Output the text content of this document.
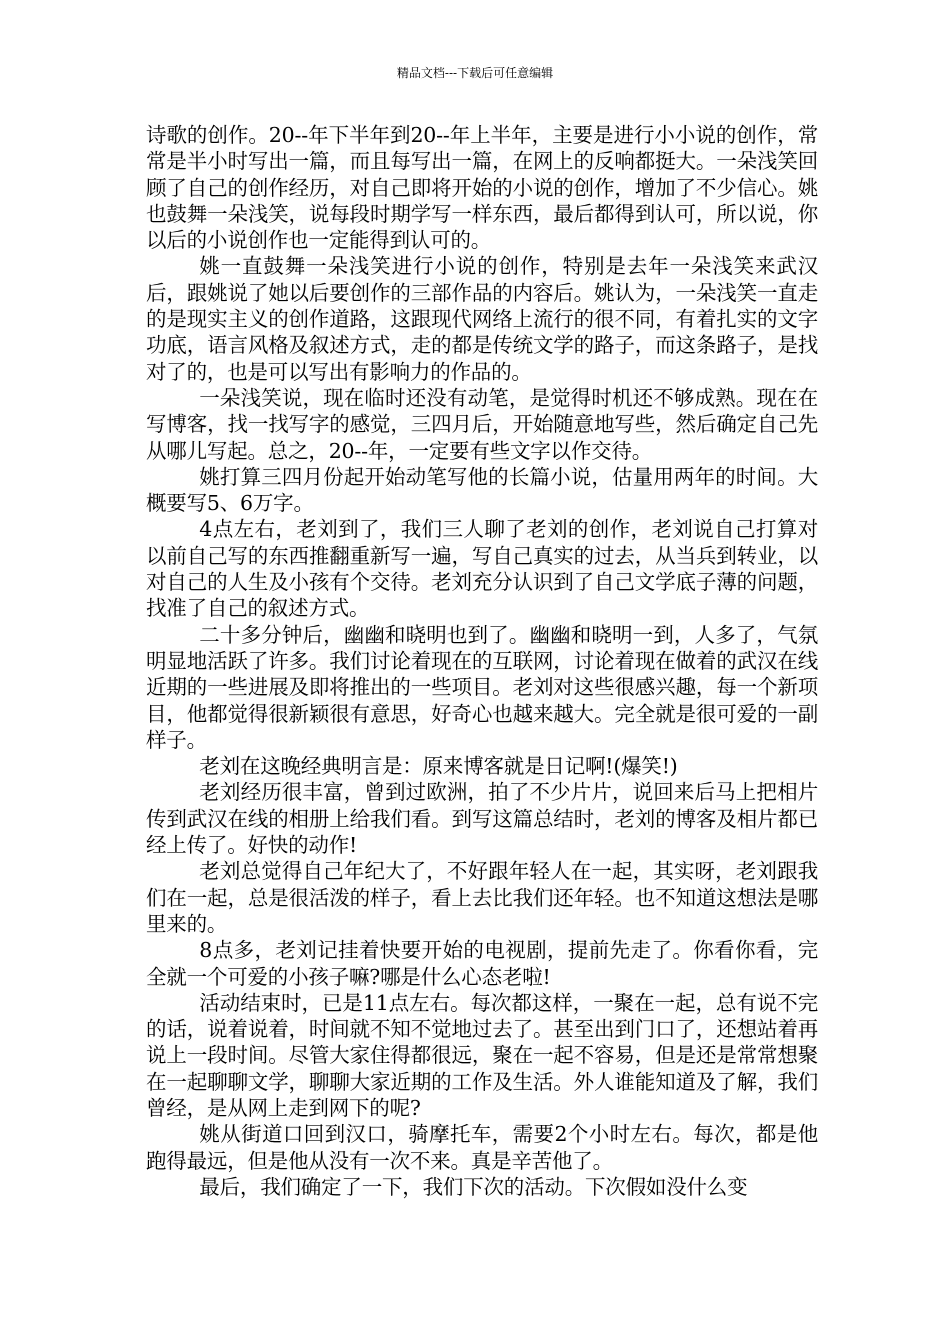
精品文档---下载后可任意编辑

诗歌的创作。20--年下半年到20--年上半年，主要是进行小小说的创作，常常是半小时写出一篇，而且每写出一篇，在网上的反响都挺大。一朵浅笑回顾了自己的创作经历，对自己即将开始的小说的创作，增加了不少信心。姚也鼓舞一朵浅笑，说每段时期学写一样东西，最后都得到认可，所以说，你以后的小说创作也一定能得到认可的。

姚一直鼓舞一朵浅笑进行小说的创作，特别是去年一朵浅笑来武汉后，跟姚说了她以后要创作的三部作品的内容后。姚认为，一朵浅笑一直走的是现实主义的创作道路，这跟现代网络上流行的很不同，有着扎实的文字功底，语言风格及叙述方式，走的都是传统文学的路子，而这条路子，是找对了的，也是可以写出有影响力的作品的。

一朵浅笑说，现在临时还没有动笔，是觉得时机还不够成熟。现在在写博客，找一找写字的感觉，三四月后，开始随意地写些，然后确定自己先从哪儿写起。总之，20--年，一定要有些文字以作交待。

姚打算三四月份起开始动笔写他的长篇小说，估量用两年的时间。大概要写5、6万字。

4点左右，老刘到了，我们三人聊了老刘的创作，老刘说自己打算对以前自己写的东西推翻重新写一遍，写自己真实的过去，从当兵到转业，以对自己的人生及小孩有个交待。老刘充分认识到了自己文学底子薄的问题，找准了自己的叙述方式。

二十多分钟后，幽幽和晓明也到了。幽幽和晓明一到，人多了，气氛明显地活跃了许多。我们讨论着现在的互联网，讨论着现在做着的武汉在线近期的一些进展及即将推出的一些项目。老刘对这些很感兴趣，每一个新项目，他都觉得很新颖很有意思，好奇心也越来越大。完全就是很可爱的一副样子。

老刘在这晚经典明言是：原来博客就是日记啊!(爆笑!)

老刘经历很丰富，曾到过欧洲，拍了不少片片，说回来后马上把相片传到武汉在线的相册上给我们看。到写这篇总结时，老刘的博客及相片都已经上传了。好快的动作!

老刘总觉得自己年纪大了，不好跟年轻人在一起，其实呀，老刘跟我们在一起，总是很活泼的样子，看上去比我们还年轻。也不知道这想法是哪里来的。

8点多，老刘记挂着快要开始的电视剧，提前先走了。你看你看，完全就一个可爱的小孩子嘛?哪是什么心态老啦!

活动结束时，已是11点左右。每次都这样，一聚在一起，总有说不完的话，说着说着，时间就不知不觉地过去了。甚至出到门口了，还想站着再说上一段时间。尽管大家住得都很远，聚在一起不容易，但是还是常常想聚在一起聊聊文学，聊聊大家近期的工作及生活。外人谁能知道及了解，我们曾经，是从网上走到网下的呢?

姚从街道口回到汉口，骑摩托车，需要2个小时左右。每次，都是他跑得最远，但是他从没有一次不来。真是辛苦他了。

最后，我们确定了一下，我们下次的活动。下次假如没什么变
